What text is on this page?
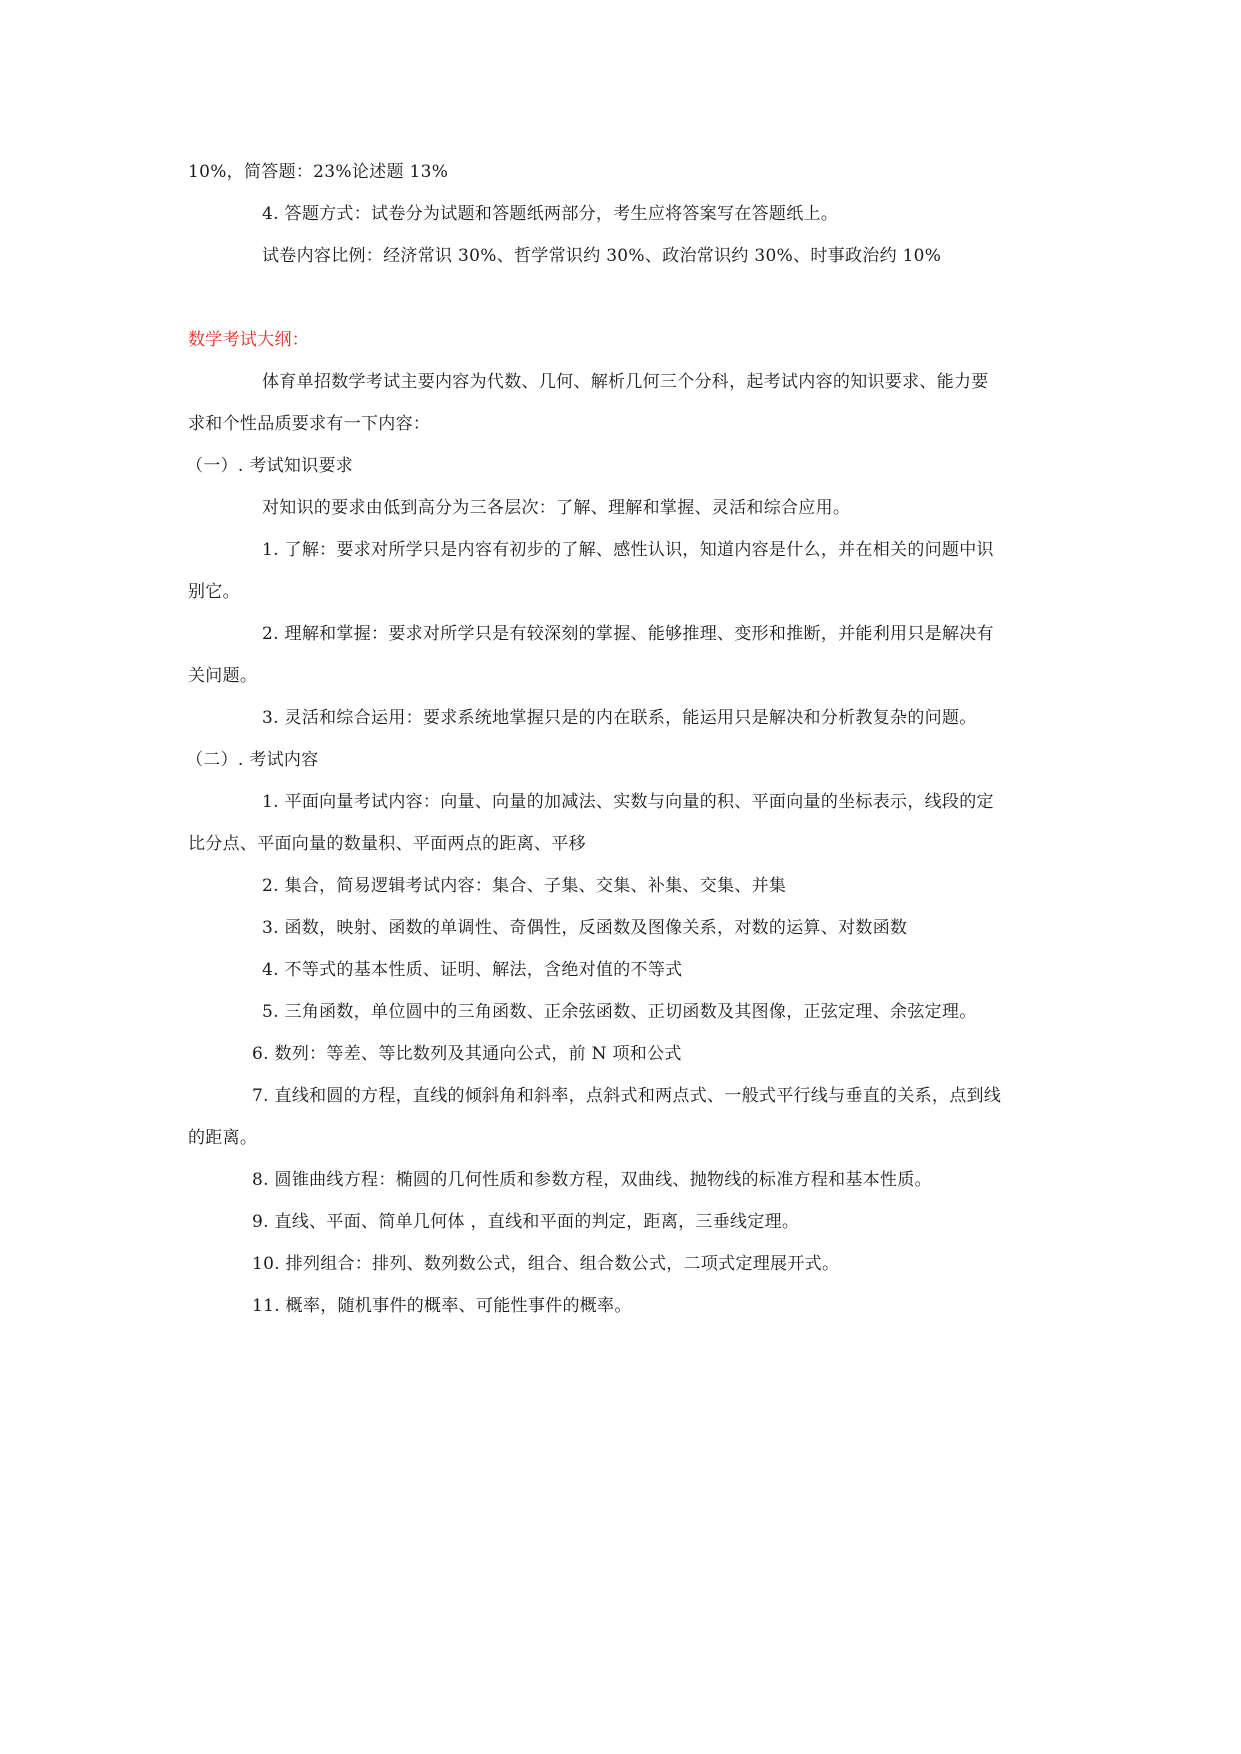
10%，简答题：23%论述题 13%
4. 答题方式：试卷分为试题和答题纸两部分，考生应将答案写在答题纸上。
试卷内容比例：经济常识 30%、哲学常识约 30%、政治常识约 30%、时事政治约 10%
数学考试大纲：
体育单招数学考试主要内容为代数、几何、解析几何三个分科，起考试内容的知识要求、能力要
求和个性品质要求有一下内容：
（一）. 考试知识要求
对知识的要求由低到高分为三各层次：了解、理解和掌握、灵活和综合应用。
1. 了解：要求对所学只是内容有初步的了解、感性认识，知道内容是什么，并在相关的问题中识
别它。
2. 理解和掌握：要求对所学只是有较深刻的掌握、能够推理、变形和推断，并能利用只是解决有
关问题。
3. 灵活和综合运用：要求系统地掌握只是的内在联系，能运用只是解决和分析教复杂的问题。
（二）. 考试内容
1. 平面向量考试内容：向量、向量的加减法、实数与向量的积、平面向量的坐标表示，线段的定
比分点、平面向量的数量积、平面两点的距离、平移
2. 集合，简易逻辑考试内容：集合、子集、交集、补集、交集、并集
3. 函数，映射、函数的单调性、奇偶性，反函数及图像关系，对数的运算、对数函数
4. 不等式的基本性质、证明、解法，含绝对值的不等式
5. 三角函数，单位圆中的三角函数、正余弦函数、正切函数及其图像，正弦定理、余弦定理。
6. 数列：等差、等比数列及其通向公式，前 N 项和公式
7. 直线和圆的方程，直线的倾斜角和斜率，点斜式和两点式、一般式平行线与垂直的关系，点到线
的距离。
8. 圆锥曲线方程：椭圆的几何性质和参数方程，双曲线、抛物线的标准方程和基本性质。
9. 直线、平面、简单几何体 ，直线和平面的判定，距离，三垂线定理。
10. 排列组合：排列、数列数公式，组合、组合数公式，二项式定理展开式。
11. 概率，随机事件的概率、可能性事件的概率。
